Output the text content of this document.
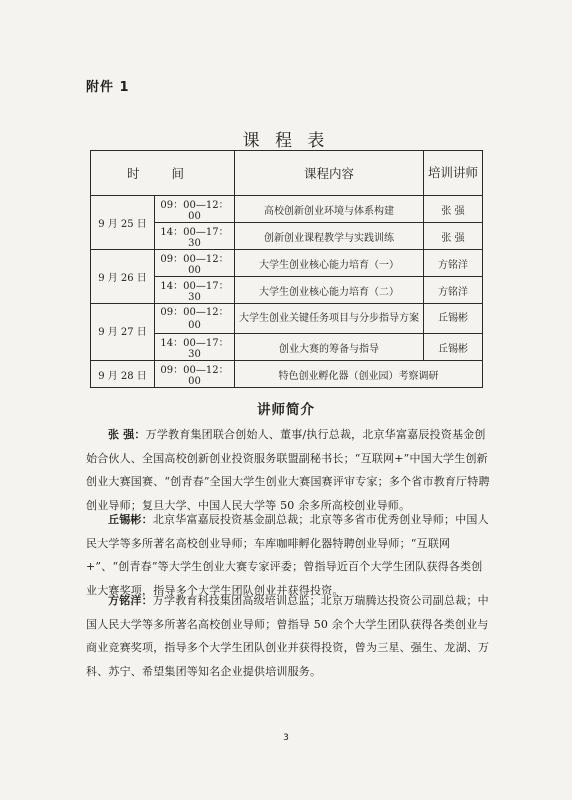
附件 1
课 程 表
时 间		课程内容	培训讲师
9 月 25 日	09：00—12：00	高校创新创业环境与体系构建	张 强
	14：00—17：30	创新创业课程教学与实践训练	张 强
9 月 26 日	09：00—12：00	大学生创业核心能力培育（一）	方铭洋
	14：00—17：30	大学生创业核心能力培育（二）	方铭洋
9 月 27 日	09：00—12：00	大学生创业关键任务项目与分步指导方案	丘锡彬
	14：00—17：30	创业大赛的筹备与指导	丘锡彬
9 月 28 日	09：00—12：00	特色创业孵化器（创业园）考察调研	
讲师简介
张 强：万学教育集团联合创始人、董事/执行总裁，北京华富嘉辰投资基金创始合伙人、全国高校创新创业投资服务联盟副秘书长；“互联网+”中国大学生创新创业大赛国赛、“创青春”全国大学生创业大赛国赛评审专家；多个省市教育厅特聘创业导师；复旦大学、中国人民大学等 50 余多所高校创业导师。
丘锡彬：北京华富嘉辰投资基金副总裁；北京等多省市优秀创业导师；中国人民大学等多所著名高校创业导师；车库咖啡孵化器特聘创业导师；“互联网+”、“创青春”等大学生创业大赛专家评委；曾指导近百个大学生团队获得各类创业大赛奖项，指导多个大学生团队创业并获得投资。
方铭洋：万学教育科技集团高级培训总监；北京万瑞腾达投资公司副总裁；中国人民大学等多所著名高校创业导师；曾指导 50 余个大学生团队获得各类创业与商业竞赛奖项，指导多个大学生团队创业并获得投资，曾为三星、强生、龙湖、万科、苏宁、希望集团等知名企业提供培训服务。
3
